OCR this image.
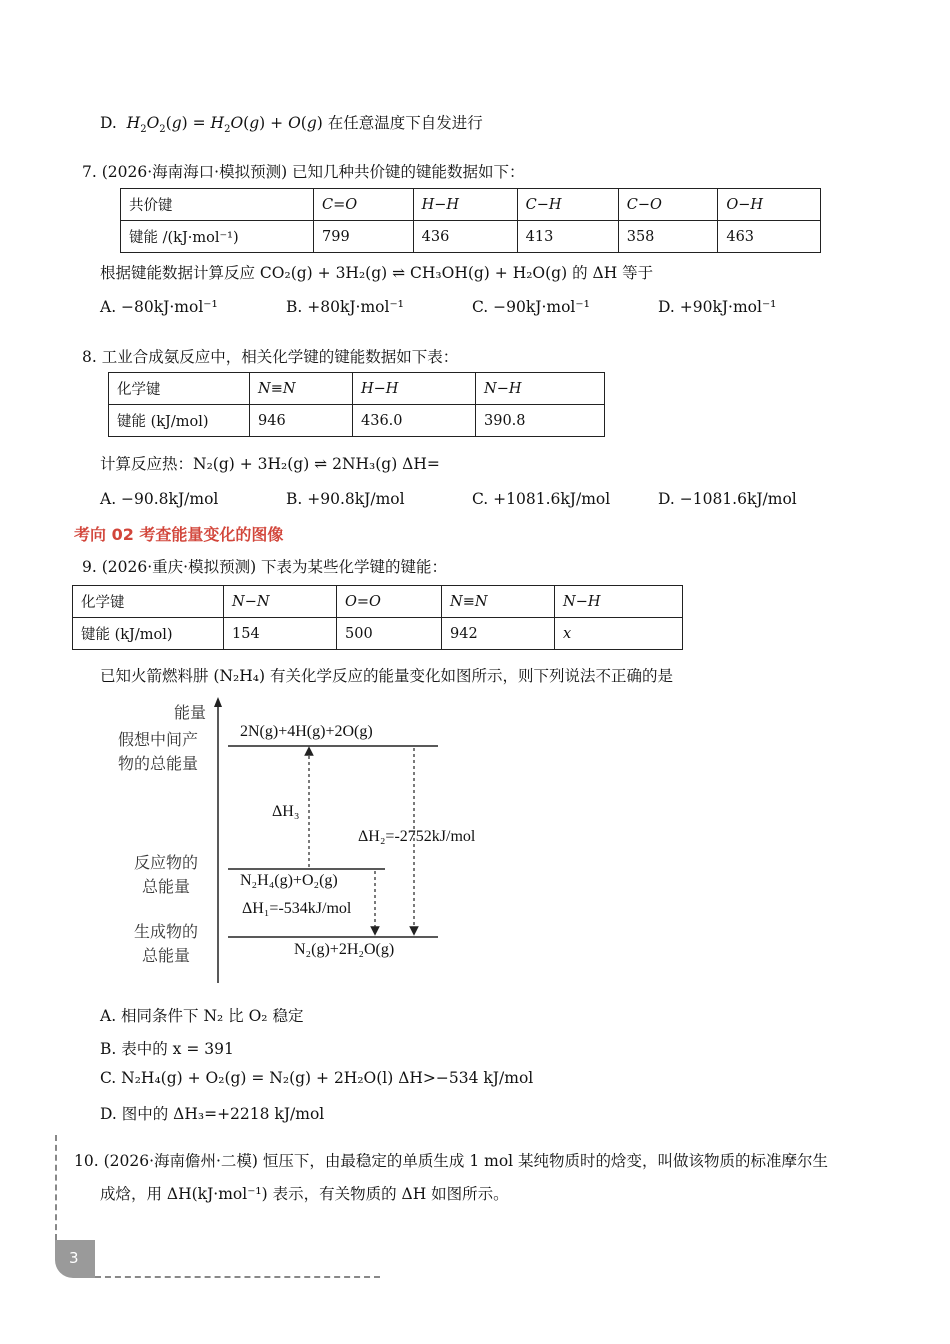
D.  $H_2O_2(g) = H_2O(g) + O(g)$ 在任意温度下自发进行
7. (2026·海南海口·模拟预测) 已知几种共价键的键能数据如下：
共价键	C=O	H−H	C−H	C−O	O−H
键能 /(kJ·mol⁻¹)	799	436	413	358	463
根据键能数据计算反应 CO₂(g) + 3H₂(g) ⇌ CH₃OH(g) + H₂O(g) 的 ΔH 等于
A. −80kJ·mol⁻¹	B. +80kJ·mol⁻¹	C. −90kJ·mol⁻¹	D. +90kJ·mol⁻¹
8. 工业合成氨反应中，相关化学键的键能数据如下表：
化学键	N≡N	H−H	N−H
键能 (kJ/mol)	946	436.0	390.8
计算反应热：N₂(g) + 3H₂(g) ⇌ 2NH₃(g) ΔH=
A. −90.8kJ/mol	B. +90.8kJ/mol	C. +1081.6kJ/mol	D. −1081.6kJ/mol
考向 02 考查能量变化的图像
9. (2026·重庆·模拟预测) 下表为某些化学键的键能：
化学键	N−N	O=O	N≡N	N−H
键能 (kJ/mol)	154	500	942	x
已知火箭燃料肼 (N₂H₄) 有关化学反应的能量变化如图所示，则下列说法不正确的是
能量
假想中间产
物的总能量
反应物的
总能量
生成物的
总能量
2N(g)+4H(g)+2O(g)
N₂H₄(g)+O₂(g)
N₂(g)+2H₂O(g)
ΔH₁=-534kJ/mol
ΔH₂=-2752kJ/mol
ΔH₃
A. 相同条件下 N₂ 比 O₂ 稳定
B. 表中的 x = 391
C. N₂H₄(g) + O₂(g) = N₂(g) + 2H₂O(l) ΔH>−534 kJ/mol
D. 图中的 ΔH₃=+2218 kJ/mol
10. (2026·海南儋州·二模) 恒压下，由最稳定的单质生成 1 mol 某纯物质时的焓变，叫做该物质的标准摩尔生
成焓，用 ΔH(kJ·mol⁻¹) 表示，有关物质的 ΔH 如图所示。
3
